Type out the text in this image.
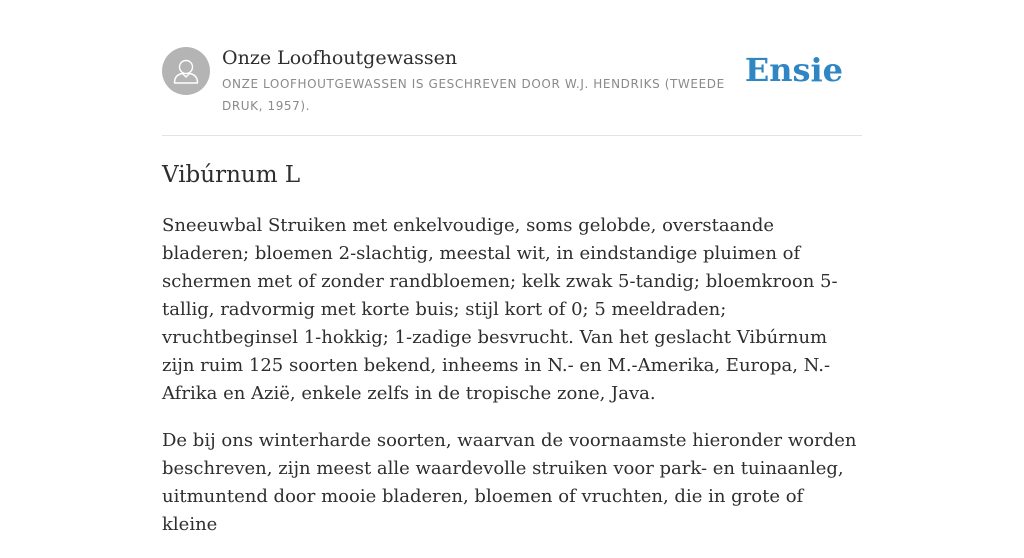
Onze Loofhoutgewassen
ONZE LOOFHOUTGEWASSEN IS GESCHREVEN DOOR W.J. HENDRIKS (TWEEDE DRUK, 1957).
Ensie
Vibúrnum L

Sneeuwbal Struiken met enkelvoudige, soms gelobde, overstaande bladeren; bloemen 2-slachtig, meestal wit, in eindstandige pluimen of schermen met of zonder randbloemen; kelk zwak 5-tandig; bloemkroon 5-tallig, radvormig met korte buis; stijl kort of 0; 5 meeldraden; vruchtbeginsel 1-hokkig; 1-zadige besvrucht. Van het geslacht Vibúrnum zijn ruim 125 soorten bekend, inheems in N.- en M.-Amerika, Europa, N.-Afrika en Azië, enkele zelfs in de tropische zone, Java.

De bij ons winterharde soorten, waarvan de voornaamste hieronder worden beschreven, zijn meest alle waardevolle struiken voor park- en tuinaanleg, uitmuntend door mooie bladeren, bloemen of vruchten, die in grote of kleine
